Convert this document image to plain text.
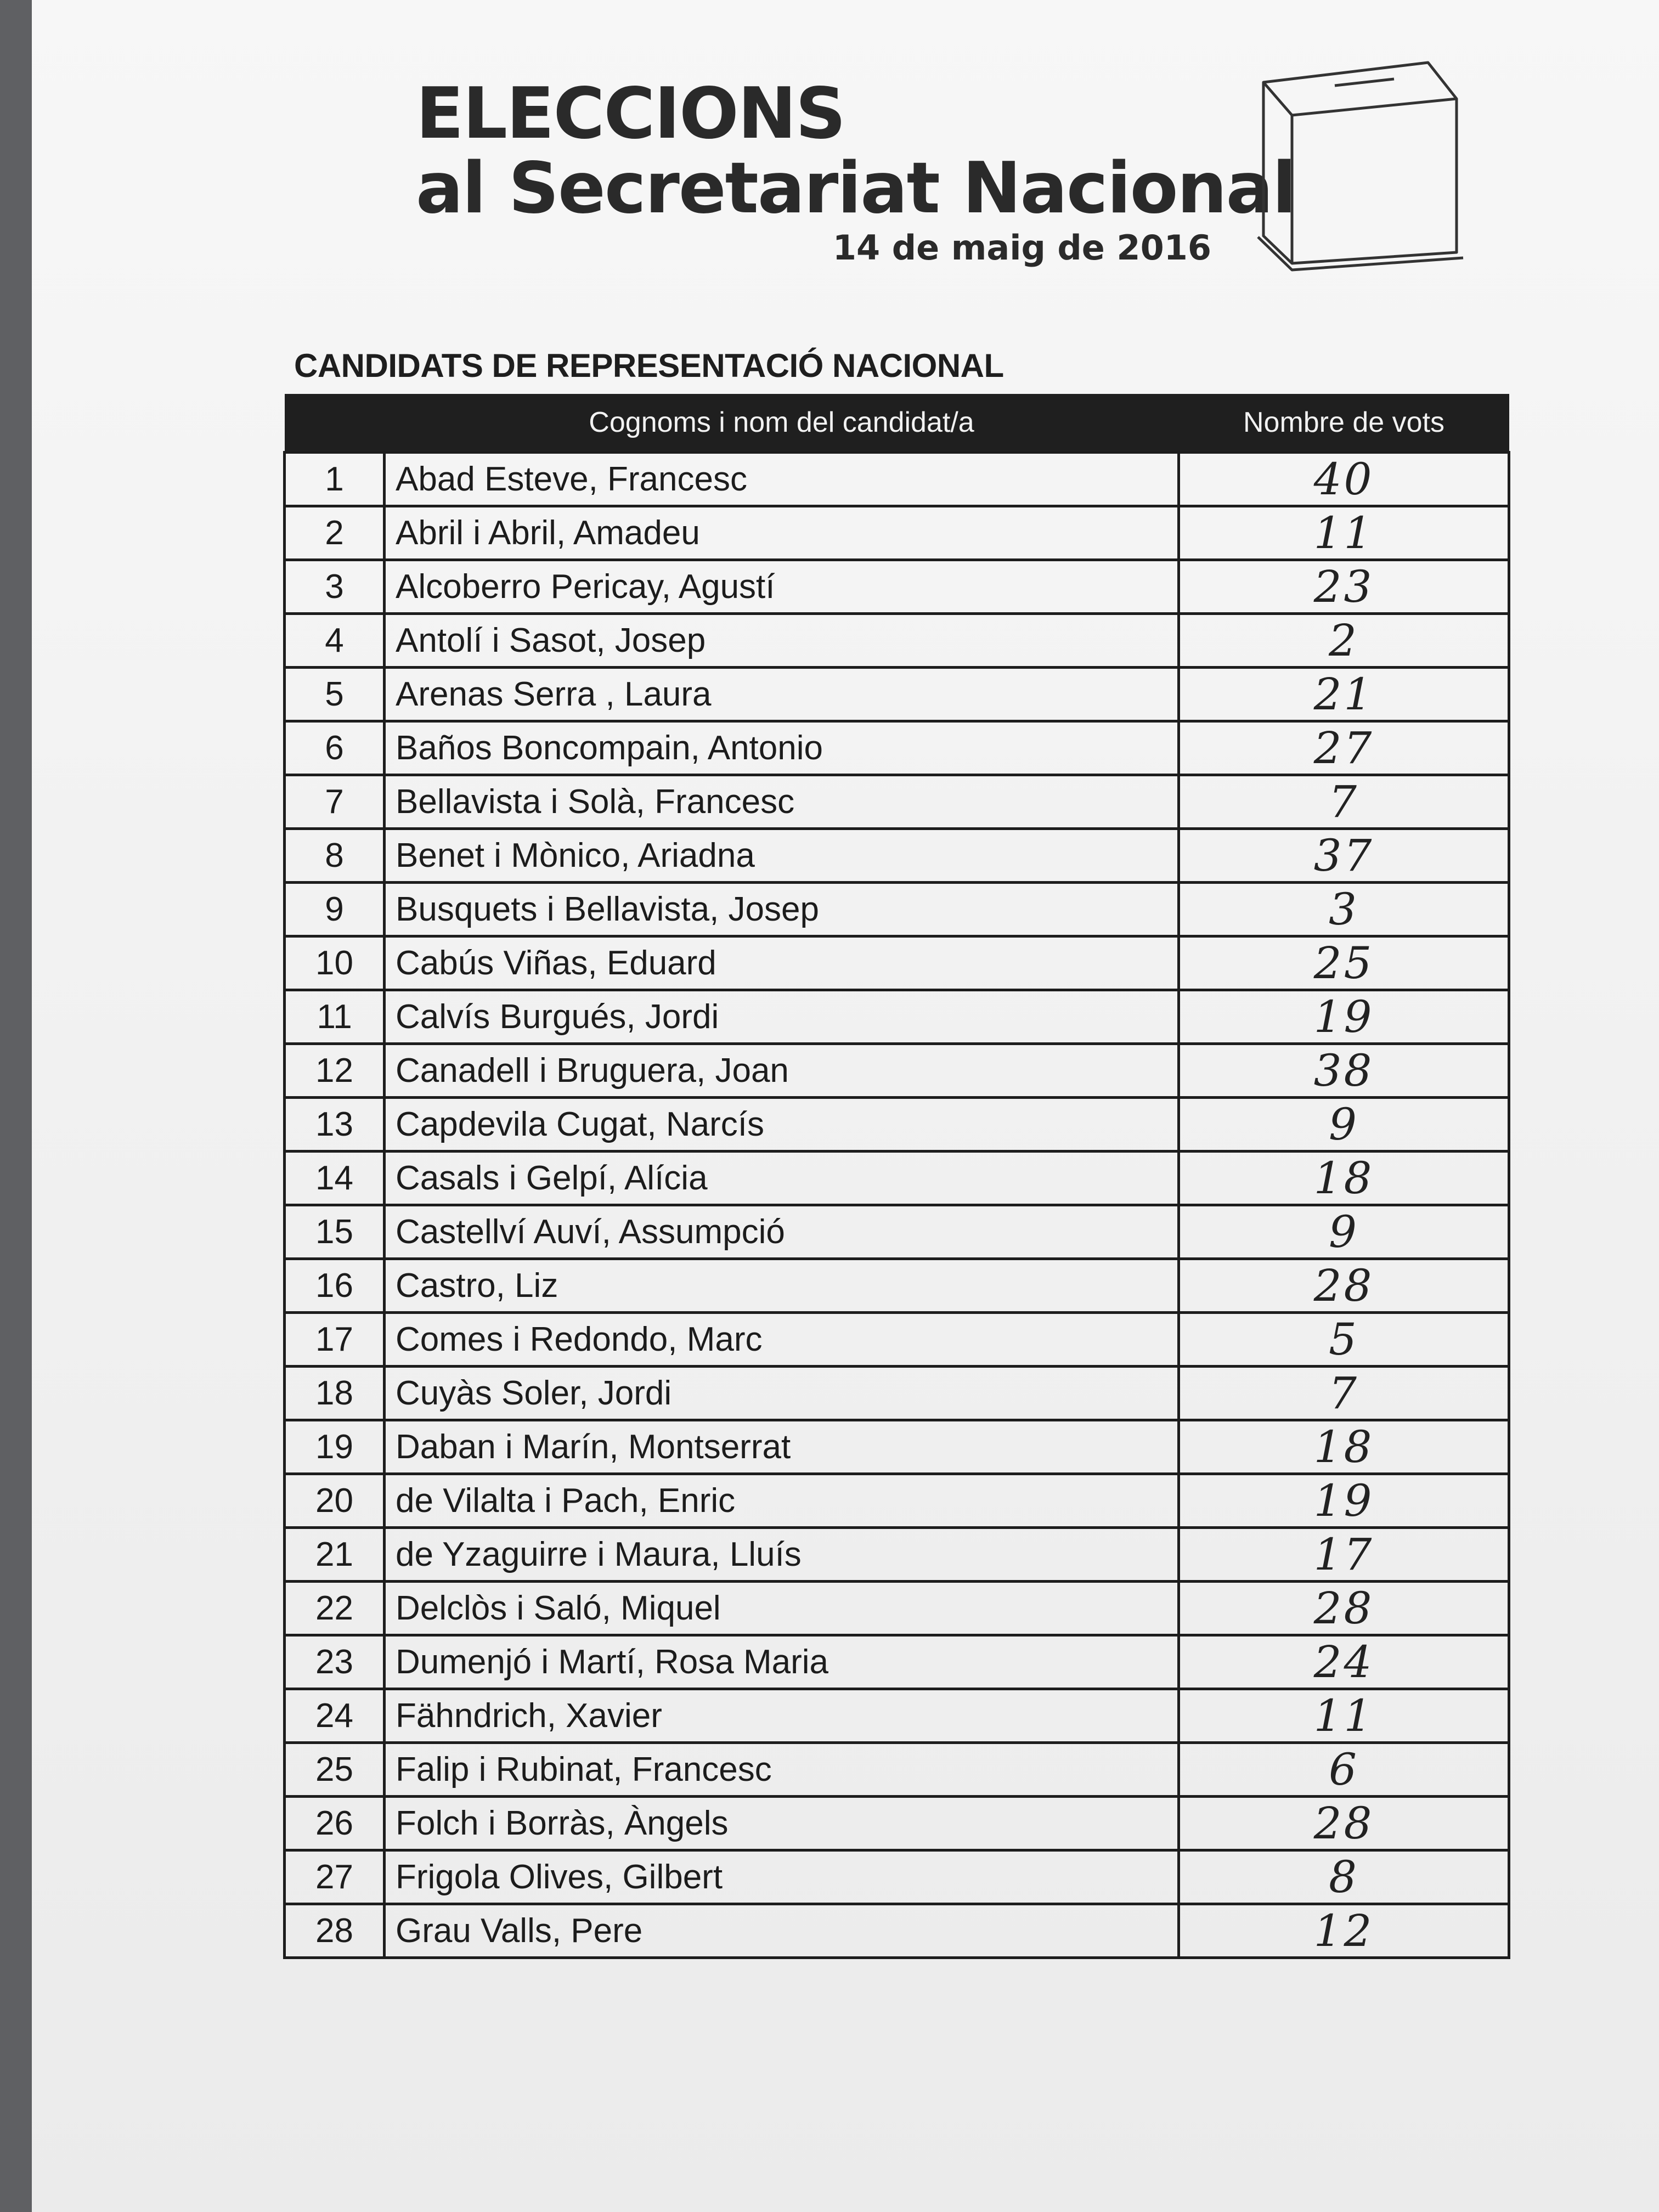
ELECCIONS
al Secretariat Nacional
14 de maig de 2016
CANDIDATS DE REPRESENTACIÓ NACIONAL
	Cognoms i nom del candidat/a	Nombre de vots
1	Abad Esteve, Francesc	40
2	Abril i Abril, Amadeu	11
3	Alcoberro Pericay, Agustí	23
4	Antolí i Sasot, Josep	2
5	Arenas Serra , Laura	21
6	Baños Boncompain, Antonio	27
7	Bellavista i Solà, Francesc	7
8	Benet i Mònico, Ariadna	37
9	Busquets i Bellavista, Josep	3
10	Cabús Viñas, Eduard	25
11	Calvís Burgués, Jordi	19
12	Canadell i Bruguera, Joan	38
13	Capdevila Cugat, Narcís	9
14	Casals i Gelpí, Alícia	18
15	Castellví Auví, Assumpció	9
16	Castro, Liz	28
17	Comes i Redondo, Marc	5
18	Cuyàs Soler, Jordi	7
19	Daban i Marín, Montserrat	18
20	de Vilalta i Pach, Enric	19
21	de Yzaguirre i Maura, Lluís	17
22	Delclòs i Saló, Miquel	28
23	Dumenjó i Martí, Rosa Maria	24
24	Fähndrich, Xavier	11
25	Falip i Rubinat, Francesc	6
26	Folch i Borràs, Àngels	28
27	Frigola Olives, Gilbert	8
28	Grau Valls, Pere	12
